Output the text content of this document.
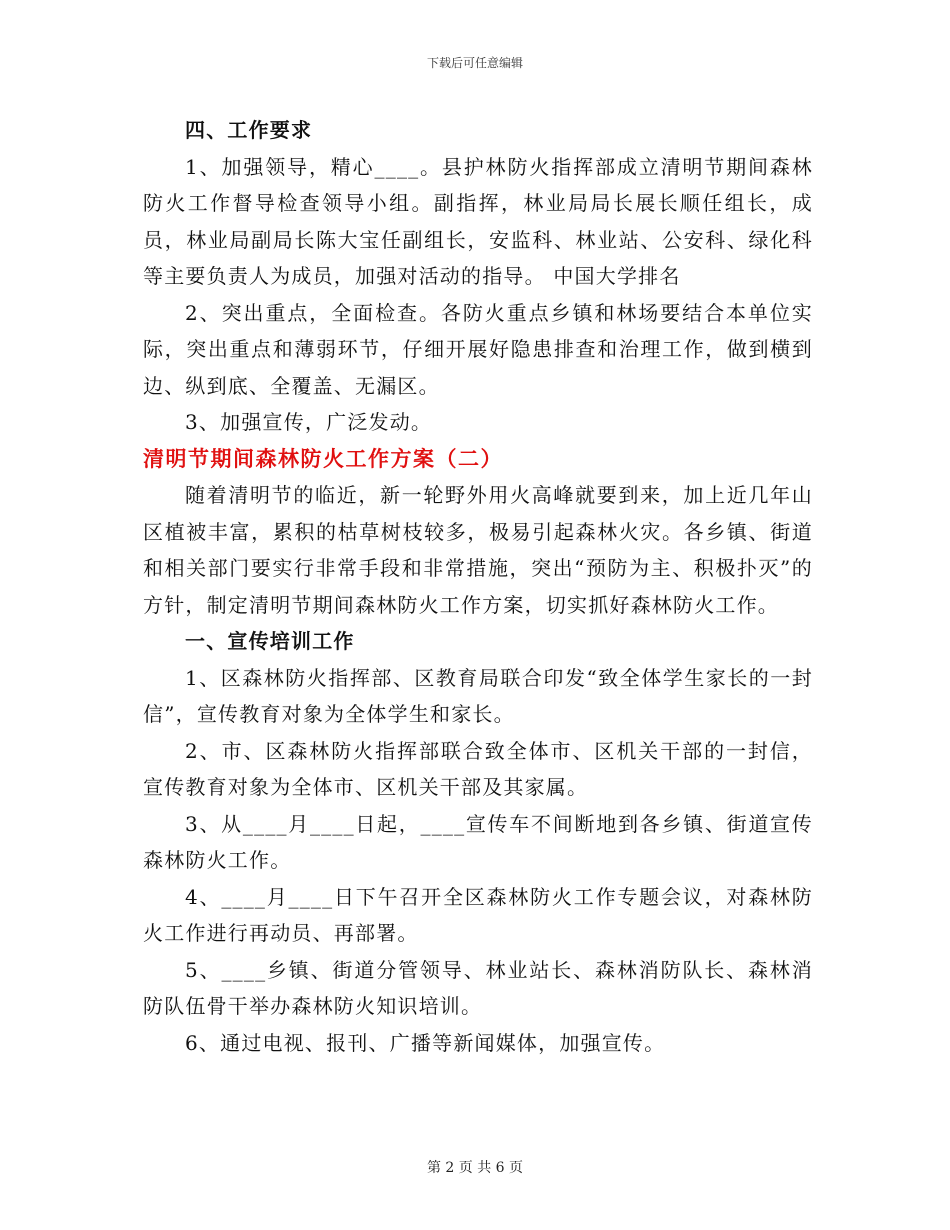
下载后可任意编辑

四、工作要求

1、加强领导，精心____。县护林防火指挥部成立清明节期间森林防火工作督导检查领导小组。副指挥，林业局局长展长顺任组长，成员，林业局副局长陈大宝任副组长，安监科、林业站、公安科、绿化科等主要负责人为成员，加强对活动的指导。 中国大学排名

2、突出重点，全面检查。各防火重点乡镇和林场要结合本单位实际，突出重点和薄弱环节，仔细开展好隐患排查和治理工作，做到横到边、纵到底、全覆盖、无漏区。

3、加强宣传，广泛发动。

清明节期间森林防火工作方案（二）

随着清明节的临近，新一轮野外用火高峰就要到来，加上近几年山区植被丰富，累积的枯草树枝较多，极易引起森林火灾。各乡镇、街道和相关部门要实行非常手段和非常措施，突出“预防为主、积极扑灭”的方针，制定清明节期间森林防火工作方案，切实抓好森林防火工作。

一、宣传培训工作

1、区森林防火指挥部、区教育局联合印发“致全体学生家长的一封信”，宣传教育对象为全体学生和家长。

2、市、区森林防火指挥部联合致全体市、区机关干部的一封信，宣传教育对象为全体市、区机关干部及其家属。

3、从____月____日起，____宣传车不间断地到各乡镇、街道宣传森林防火工作。

4、____月____日下午召开全区森林防火工作专题会议，对森林防火工作进行再动员、再部署。

5、____乡镇、街道分管领导、林业站长、森林消防队长、森林消防队伍骨干举办森林防火知识培训。

6、通过电视、报刊、广播等新闻媒体，加强宣传。

第 2 页 共 6 页
